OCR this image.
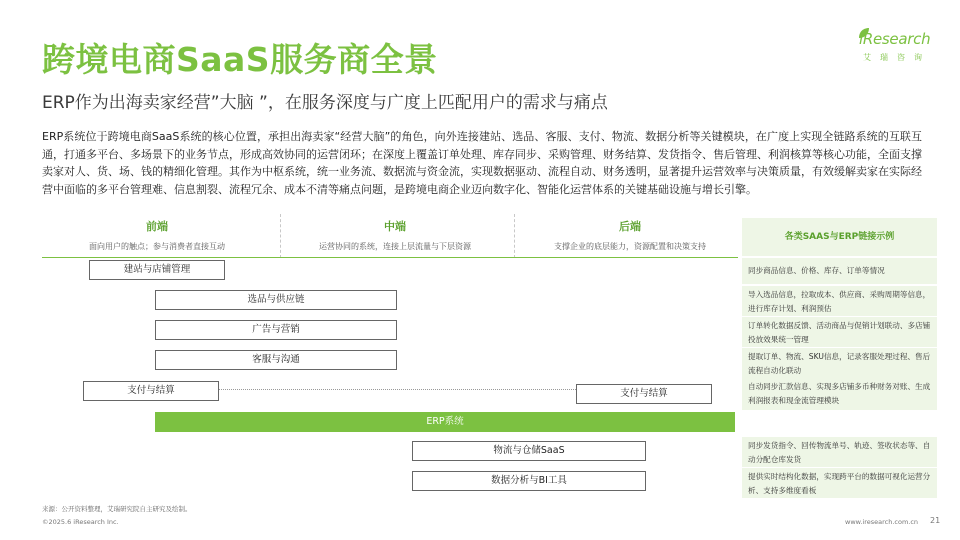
跨境电商SaaS服务商全景
ERP作为出海卖家经营”大脑 ”，在服务深度与广度上匹配用户的需求与痛点
iResearch
艾瑞咨询
ERP系统位于跨境电商SaaS系统的核心位置，承担出海卖家“经营大脑”的角色，向外连接建站、选品、客服、支付、物流、数据分析等关键模块，在广度上实现全链路系统的互联互通，打通多平台、多场景下的业务节点，形成高效协同的运营闭环；在深度上覆盖订单处理、库存同步、采购管理、财务结算、发货指令、售后管理、利润核算等核心功能，全面支撑卖家对人、货、场、钱的精细化管理。其作为中枢系统，统一业务流、数据流与资金流，实现数据驱动、流程自动、财务透明，显著提升运营效率与决策质量，有效缓解卖家在实际经营中面临的多平台管理难、信息割裂、流程冗余、成本不清等痛点问题，是跨境电商企业迈向数字化、智能化运营体系的关键基础设施与增长引擎。
前端
面向用户的触点；参与消费者直接互动
中端
运营协同的系统，连接上层流量与下层资源
后端
支撑企业的底层能力，资源配置和决策支持
建站与店铺管理
选品与供应链
广告与营销
客服与沟通
支付与结算	支付与结算
ERP系统
物流与仓储SaaS
数据分析与BI工具
各类SAAS与ERP链接示例
同步商品信息、价格、库存、订单等情况
导入选品信息，拉取成本、供应商、采购周期等信息，进行库存计划、利润预估
订单转化数据反馈、活动商品与促销计划联动、多店铺投放效果统一管理
提取订单、物流、SKU信息，记录客服处理过程、售后流程自动化联动
自动同步汇款信息、实现多店铺多币种财务对账、生成利润报表和现金流管理模块
同步发货指令、回传物流单号、轨迹、签收状态等、自动分配仓库发货
提供实时结构化数据，实现跨平台的数据可视化运营分析、支持多维度看板
来源：公开资料整理，艾瑞研究院自主研究及绘制。
©2025.6 iResearch Inc.	www.iresearch.com.cn 21
